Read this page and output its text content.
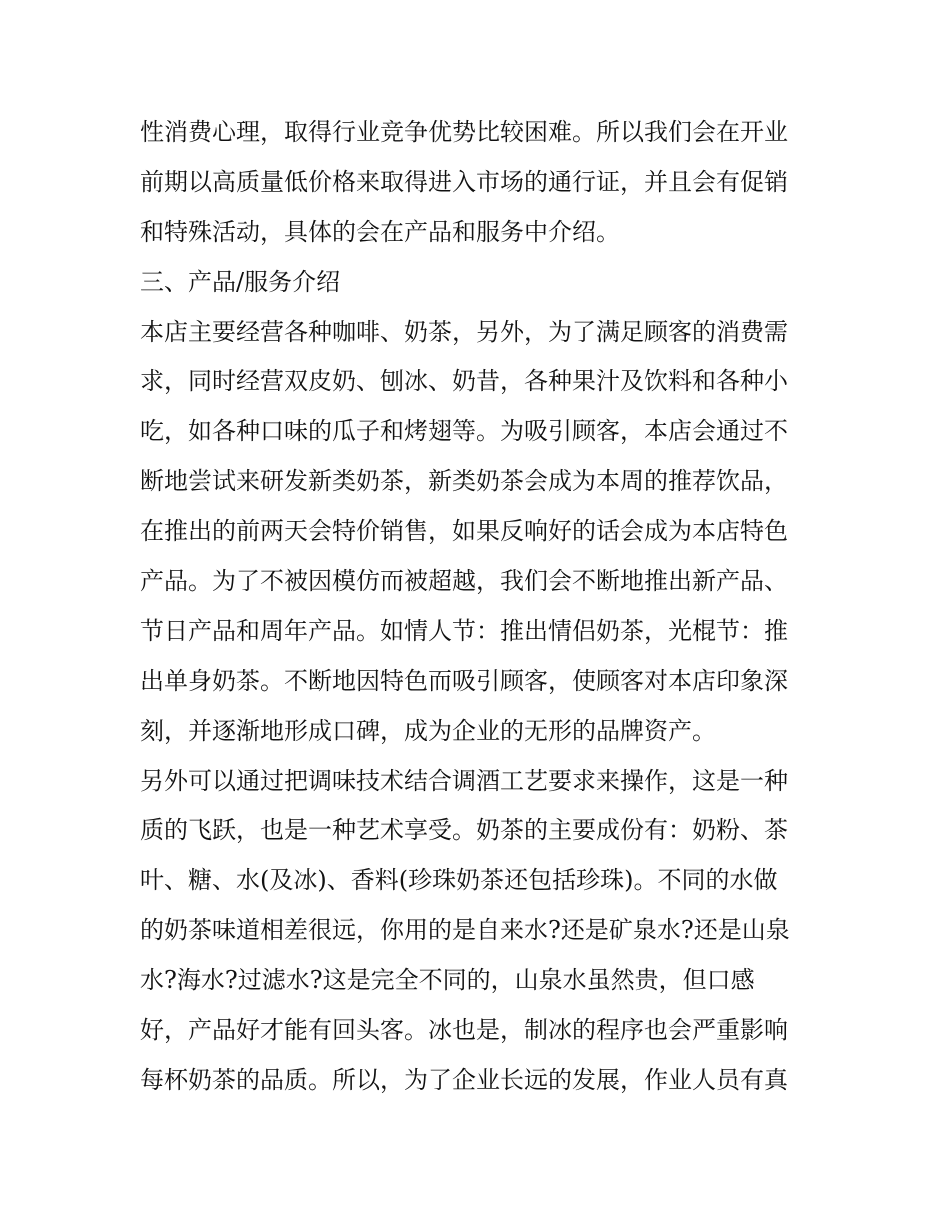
性消费心理，取得行业竞争优势比较困难。所以我们会在开业
前期以高质量低价格来取得进入市场的通行证，并且会有促销
和特殊活动，具体的会在产品和服务中介绍。
三、产品/服务介绍
本店主要经营各种咖啡、奶茶，另外，为了满足顾客的消费需
求，同时经营双皮奶、刨冰、奶昔，各种果汁及饮料和各种小
吃，如各种口味的瓜子和烤翅等。为吸引顾客，本店会通过不
断地尝试来研发新类奶茶，新类奶茶会成为本周的推荐饮品，
在推出的前两天会特价销售，如果反响好的话会成为本店特色
产品。为了不被因模仿而被超越，我们会不断地推出新产品、
节日产品和周年产品。如情人节：推出情侣奶茶，光棍节：推
出单身奶茶。不断地因特色而吸引顾客，使顾客对本店印象深
刻，并逐渐地形成口碑，成为企业的无形的品牌资产。
另外可以通过把调味技术结合调酒工艺要求来操作，这是一种
质的飞跃，也是一种艺术享受。奶茶的主要成份有：奶粉、茶
叶、糖、水(及冰)、香料(珍珠奶茶还包括珍珠)。不同的水做
的奶茶味道相差很远，你用的是自来水?还是矿泉水?还是山泉
水?海水?过滤水?这是完全不同的，山泉水虽然贵，但口感
好，产品好才能有回头客。冰也是，制冰的程序也会严重影响
每杯奶茶的品质。所以，为了企业长远的发展，作业人员有真
